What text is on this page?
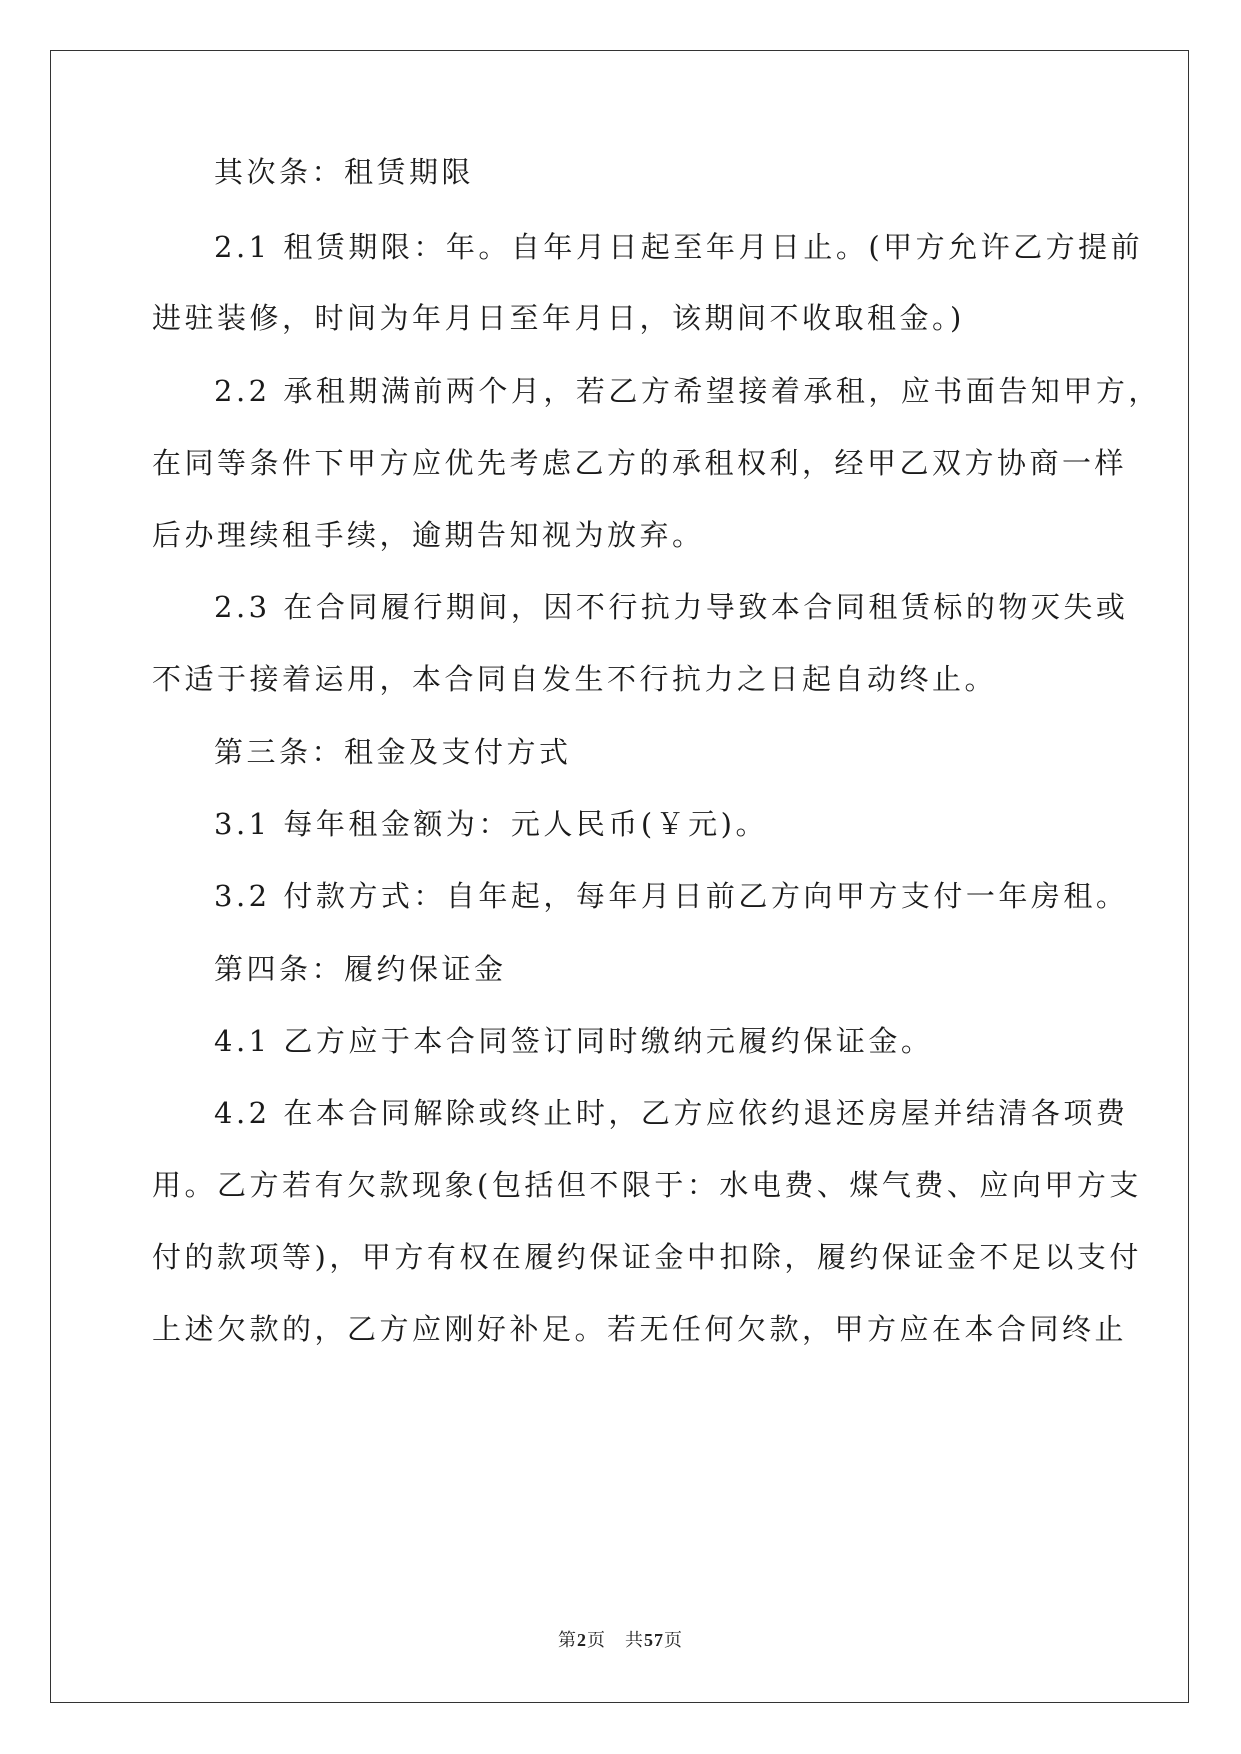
其次条：租赁期限
2.1 租赁期限：年。自年月日起至年月日止。(甲方允许乙方提前
进驻装修，时间为年月日至年月日，该期间不收取租金。)
2.2 承租期满前两个月，若乙方希望接着承租，应书面告知甲方，
在同等条件下甲方应优先考虑乙方的承租权利，经甲乙双方协商一样
后办理续租手续，逾期告知视为放弃。
2.3 在合同履行期间，因不行抗力导致本合同租赁标的物灭失或
不适于接着运用，本合同自发生不行抗力之日起自动终止。
第三条：租金及支付方式
3.1 每年租金额为：元人民币(￥元)。
3.2 付款方式：自年起，每年月日前乙方向甲方支付一年房租。
第四条：履约保证金
4.1 乙方应于本合同签订同时缴纳元履约保证金。
4.2 在本合同解除或终止时，乙方应依约退还房屋并结清各项费
用。乙方若有欠款现象(包括但不限于：水电费、煤气费、应向甲方支
付的款项等)，甲方有权在履约保证金中扣除，履约保证金不足以支付
上述欠款的，乙方应刚好补足。若无任何欠款，甲方应在本合同终止
第2页　共57页
